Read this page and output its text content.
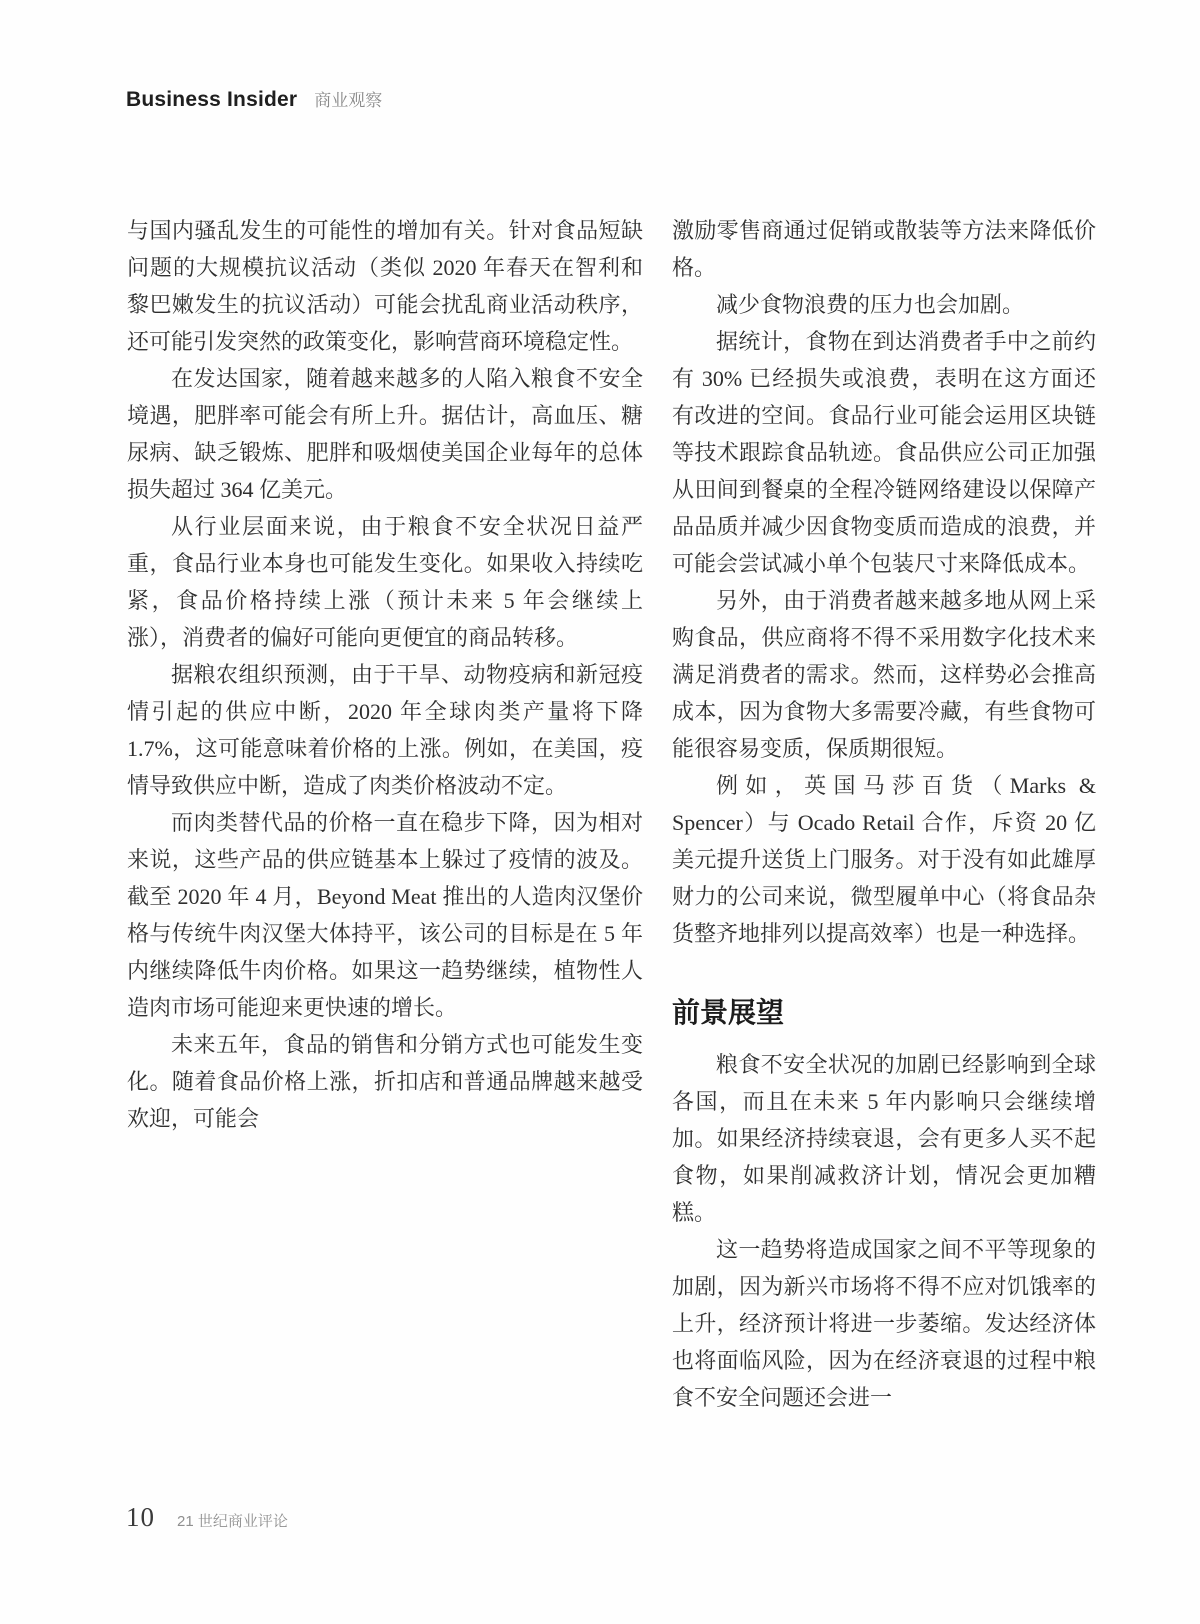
Business Insider 商业观察

与国内骚乱发生的可能性的增加有关。针对食品短缺问题的大规模抗议活动（类似 2020 年春天在智利和黎巴嫩发生的抗议活动）可能会扰乱商业活动秩序，还可能引发突然的政策变化，影响营商环境稳定性。

在发达国家，随着越来越多的人陷入粮食不安全境遇，肥胖率可能会有所上升。据估计，高血压、糖尿病、缺乏锻炼、肥胖和吸烟使美国企业每年的总体损失超过 364 亿美元。

从行业层面来说，由于粮食不安全状况日益严重，食品行业本身也可能发生变化。如果收入持续吃紧，食品价格持续上涨（预计未来 5 年会继续上涨），消费者的偏好可能向更便宜的商品转移。

据粮农组织预测，由于干旱、动物疫病和新冠疫情引起的供应中断，2020 年全球肉类产量将下降 1.7%，这可能意味着价格的上涨。例如，在美国，疫情导致供应中断，造成了肉类价格波动不定。

而肉类替代品的价格一直在稳步下降，因为相对来说，这些产品的供应链基本上躲过了疫情的波及。截至 2020 年 4 月，Beyond Meat 推出的人造肉汉堡价格与传统牛肉汉堡大体持平，该公司的目标是在 5 年内继续降低牛肉价格。如果这一趋势继续，植物性人造肉市场可能迎来更快速的增长。

未来五年，食品的销售和分销方式也可能发生变化。随着食品价格上涨，折扣店和普通品牌越来越受欢迎，可能会

激励零售商通过促销或散装等方法来降低价格。

减少食物浪费的压力也会加剧。

据统计，食物在到达消费者手中之前约有 30% 已经损失或浪费，表明在这方面还有改进的空间。食品行业可能会运用区块链等技术跟踪食品轨迹。食品供应公司正加强从田间到餐桌的全程冷链网络建设以保障产品品质并减少因食物变质而造成的浪费，并可能会尝试减小单个包装尺寸来降低成本。

另外，由于消费者越来越多地从网上采购食品，供应商将不得不采用数字化技术来满足消费者的需求。然而，这样势必会推高成本，因为食物大多需要冷藏，有些食物可能很容易变质，保质期很短。

例如，英国马莎百货（Marks & Spencer）与 Ocado Retail 合作，斥资 20 亿美元提升送货上门服务。对于没有如此雄厚财力的公司来说，微型履单中心（将食品杂货整齐地排列以提高效率）也是一种选择。

前景展望

粮食不安全状况的加剧已经影响到全球各国，而且在未来 5 年内影响只会继续增加。如果经济持续衰退，会有更多人买不起食物，如果削减救济计划，情况会更加糟糕。

这一趋势将造成国家之间不平等现象的加剧，因为新兴市场将不得不应对饥饿率的上升，经济预计将进一步萎缩。发达经济体也将面临风险，因为在经济衰退的过程中粮食不安全问题还会进一

10 21 世纪商业评论
